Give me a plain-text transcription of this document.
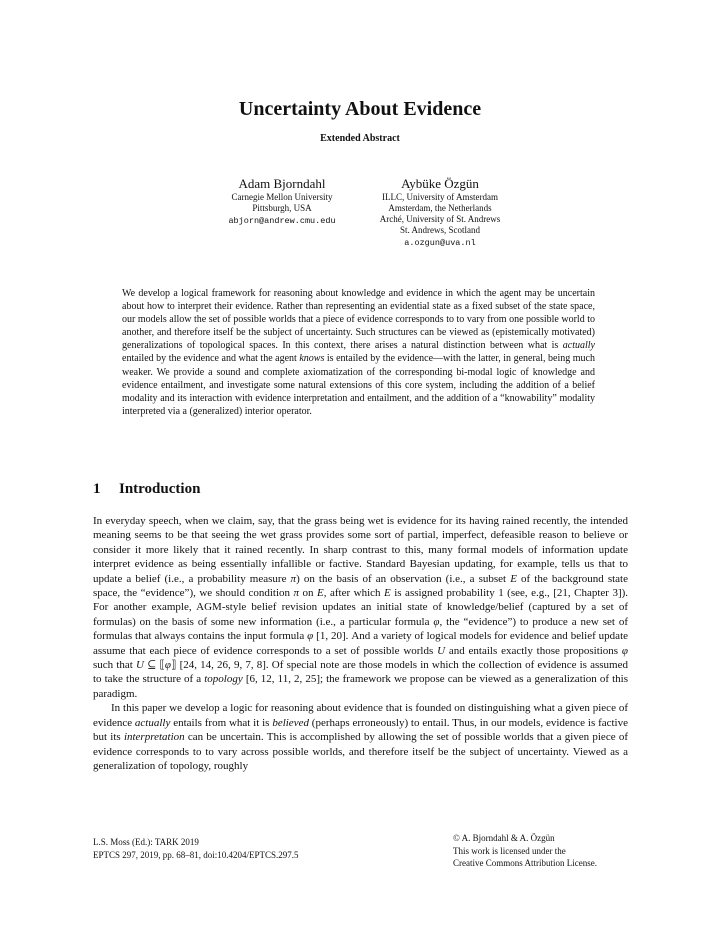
Uncertainty About Evidence
Extended Abstract
Adam Bjorndahl
Carnegie Mellon University
Pittsburgh, USA
abjorn@andrew.cmu.edu
Aybüke Özgün
ILLC, University of Amsterdam
Amsterdam, the Netherlands
Arché, University of St. Andrews
St. Andrews, Scotland
a.ozgun@uva.nl
We develop a logical framework for reasoning about knowledge and evidence in which the agent may be uncertain about how to interpret their evidence. Rather than representing an evidential state as a fixed subset of the state space, our models allow the set of possible worlds that a piece of evidence corresponds to to vary from one possible world to another, and therefore itself be the subject of uncertainty. Such structures can be viewed as (epistemically motivated) generalizations of topological spaces. In this context, there arises a natural distinction between what is actually entailed by the evidence and what the agent knows is entailed by the evidence—with the latter, in general, being much weaker. We provide a sound and complete axiomatization of the corresponding bi-modal logic of knowledge and evidence entailment, and investigate some natural extensions of this core system, including the addition of a belief modality and its interaction with evidence interpretation and entailment, and the addition of a “knowability” modality interpreted via a (generalized) interior operator.
1 Introduction

In everyday speech, when we claim, say, that the grass being wet is evidence for its having rained recently, the intended meaning seems to be that seeing the wet grass provides some sort of partial, imperfect, defeasible reason to believe or consider it more likely that it rained recently. In sharp contrast to this, many formal models of information update interpret evidence as being essentially infallible or factive. Standard Bayesian updating, for example, tells us that to update a belief (i.e., a probability measure π) on the basis of an observation (i.e., a subset E of the background state space, the “evidence”), we should condition π on E, after which E is assigned probability 1 (see, e.g., [21, Chapter 3]). For another example, AGM-style belief revision updates an initial state of knowledge/belief (captured by a set of formulas) on the basis of some new information (i.e., a particular formula φ, the “evidence”) to produce a new set of formulas that always contains the input formula φ [1, 20]. And a variety of logical models for evidence and belief update assume that each piece of evidence corresponds to a set of possible worlds U and entails exactly those propositions φ such that U ⊆ ⟦φ⟧ [24, 14, 26, 9, 7, 8]. Of special note are those models in which the collection of evidence is assumed to take the structure of a topology [6, 12, 11, 2, 25]; the framework we propose can be viewed as a generalization of this paradigm.

In this paper we develop a logic for reasoning about evidence that is founded on distinguishing what a given piece of evidence actually entails from what it is believed (perhaps erroneously) to entail. Thus, in our models, evidence is factive but its interpretation can be uncertain. This is accomplished by allowing the set of possible worlds that a given piece of evidence corresponds to to vary across possible worlds, and therefore itself be the subject of uncertainty. Viewed as a generalization of topology, roughly

L.S. Moss (Ed.): TARK 2019
EPTCS 297, 2019, pp. 68–81, doi:10.4204/EPTCS.297.5
© A. Bjorndahl & A. Özgün
This work is licensed under the
Creative Commons Attribution License.
